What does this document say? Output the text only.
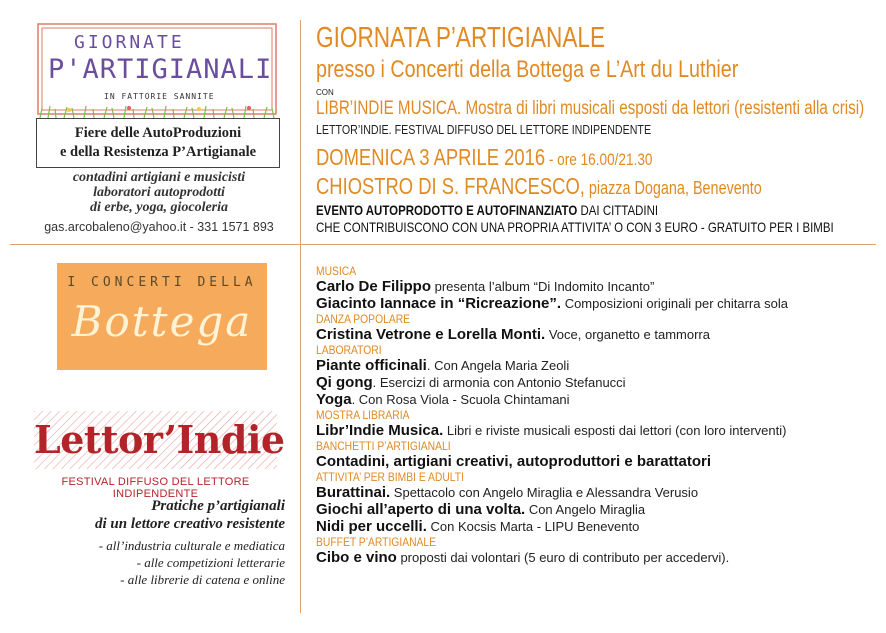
GIORNATE
P'ARTIGIANALI
IN FATTORIE SANNITE
Fiere delle AutoProduzioni
e della Resistenza P’Artigianale
contadini artigiani e musicisti
laboratori autoprodotti
di erbe, yoga, giocoleria
gas.arcobaleno@yahoo.it - 331 1571 893
I CONCERTI DELLA
Bottega
Lettor’Indie
FESTIVAL DIFFUSO DEL LETTORE INDIPENDENTE
Pratiche p’artigianali
di un lettore creativo resistente
- all’industria culturale e mediatica
- alle competizioni letterarie
- alle librerie di catena e online
GIORNATA P’ARTIGIANALE
presso i Concerti della Bottega e L’Art du Luthier
CON
LIBR’INDIE MUSICA. Mostra di libri musicali esposti da lettori (resistenti alla crisi)
LETTOR’INDIE. FESTIVAL DIFFUSO DEL LETTORE INDIPENDENTE
DOMENICA 3 APRILE 2016 - ore 16.00/21.30
CHIOSTRO DI S. FRANCESCO, piazza Dogana, Benevento
EVENTO AUTOPRODOTTO E AUTOFINANZIATO DAI CITTADINI
CHE CONTRIBUISCONO CON UNA PROPRIA ATTIVITA’ O CON 3 EURO - GRATUITO PER I BIMBI
MUSICA
Carlo De Filippo presenta l’album “Di Indomito Incanto”
Giacinto Iannace in “Ricreazione”. Composizioni originali per chitarra sola
DANZA POPOLARE
Cristina Vetrone e Lorella Monti. Voce, organetto e tammorra
LABORATORI
Piante officinali. Con Angela Maria Zeoli
Qi gong. Esercizi di armonia con Antonio Stefanucci
Yoga. Con Rosa Viola - Scuola Chintamani
MOSTRA LIBRARIA
Libr’Indie Musica. Libri e riviste musicali esposti dai lettori (con loro interventi)
BANCHETTI P’ARTIGIANALI
Contadini, artigiani creativi, autoproduttori e barattatori
ATTIVITA’ PER BIMBI E ADULTI
Burattinai. Spettacolo con Angelo Miraglia e Alessandra Verusio
Giochi all’aperto di una volta. Con Angelo Miraglia
Nidi per uccelli. Con Kocsis Marta - LIPU Benevento
BUFFET P’ARTIGIANALE
Cibo e vino proposti dai volontari (5 euro di contributo per accedervi).
